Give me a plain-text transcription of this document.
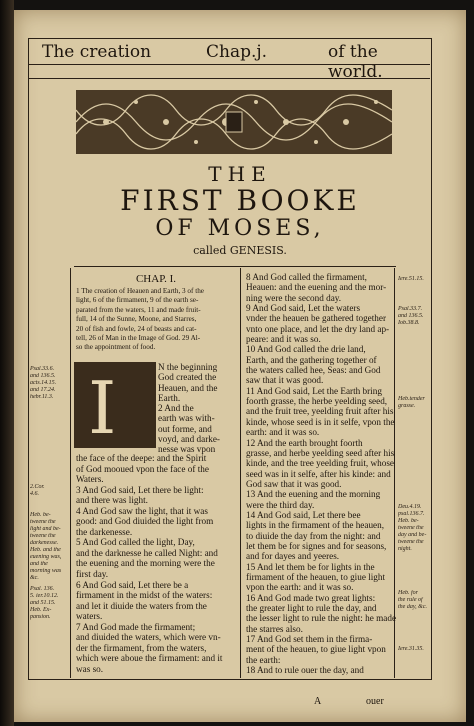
The creation	Chap.j.	of the world.
THE
FIRST BOOKE
OF MOSES,
called GENESIS.
CHAP. I.
1 The creation of Heauen and Earth, 3 of the
light, 6 of the firmament, 9 of the earth se-
parated from the waters, 11 and made fruit-
full, 14 of the Sunne, Moone, and Starres,
20 of fish and fowle, 24 of beasts and cat-
tell, 26 of Man in the Image of God. 29 Al-
so the appointment of food.
I	N the beginning
God created the
Heauen, and the
Earth.
2 And the
earth was with-
out forme, and
voyd, and darke-
nesse was vpon
the face of the deepe: and the Spirit
of God mooued vpon the face of the
Waters.
3 And God said, Let there be light:
and there was light.
4 And God saw the light, that it was
good: and God diuided the light from
the darkenesse.
5 And God called the light, Day,
and the darknesse he called Night: and
the euening and the morning were the
first day.
6 And God said, Let there be a
firmament in the midst of the waters:
and let it diuide the waters from the
waters.
7 And God made the firmament;
and diuided the waters, which were vn-
der the firmament, from the waters,
which were aboue the firmament: and it
was so.
8 And God called the firmament,
Heauen: and the euening and the mor-
ning were the second day.
9 And God said, Let the waters
vnder the heauen be gathered together
vnto one place, and let the dry land ap-
peare: and it was so.
10 And God called the drie land,
Earth, and the gathering together of
the waters called hee, Seas: and God
saw that it was good.
11 And God said, Let the Earth bring
foorth grasse, the herbe yeelding seed,
and the fruit tree, yeelding fruit after his
kinde, whose seed is in it selfe, vpon the
earth: and it was so.
12 And the earth brought foorth
grasse, and herbe yeelding seed after his
kinde, and the tree yeelding fruit, whose
seed was in it selfe, after his kinde: and
God saw that it was good.
13 And the euening and the morning
were the third day.
14 And God said, Let there bee
lights in the firmament of the heauen,
to diuide the day from the night: and
let them be for signes and for seasons,
and for dayes and yeeres.
15 And let them be for lights in the
firmament of the heauen, to giue light
vpon the earth: and it was so.
16 And God made two great lights:
the greater light to rule the day, and
the lesser light to rule the night: he made
the starres also.
17 And God set them in the firma-
ment of the heauen, to giue light vpon
the earth:
18 And to rule ouer the day, and
Psal.33.6.
and 136.5.
acts.14.15.
and 17.24.
hebr.11.3.
2.Cor.
4.6.
Heb. be-
tweene the
light and be-
tweene the
darkenesse.
Heb. and the
euening was,
and the
morning was
&c.
Psal. 136.
5. ier.10.12.
and 51.15.
Heb. Ex-
pansion.
Iere.51.15.
Psal.33.7.
and 136.5.
Iob.38.8.
Heb.tender
grasse.
Deu.4.19.
psal.136.7.
Heb. be-
tweene the
day and be-
tweene the
night.
Heb. for
the rule of
the day, &c.
Iere.31.35.
A	ouer
